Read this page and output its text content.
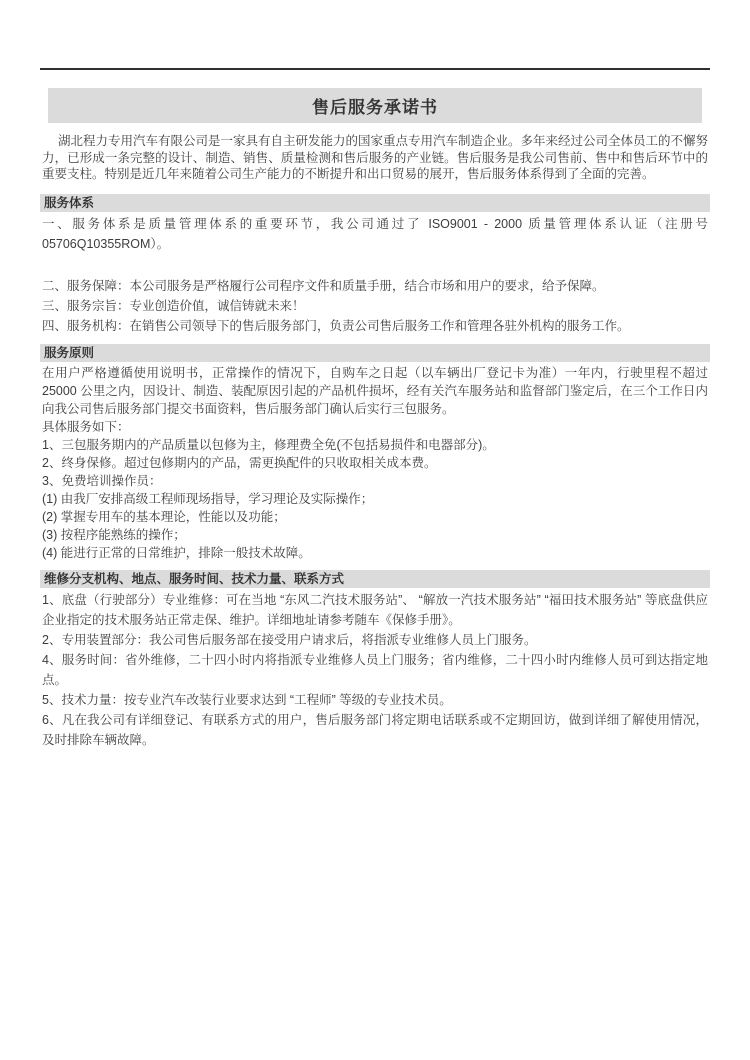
售后服务承诺书

湖北程力专用汽车有限公司是一家具有自主研发能力的国家重点专用汽车制造企业。多年来经过公司全体员工的不懈努力，已形成一条完整的设计、制造、销售、质量检测和售后服务的产业链。售后服务是我公司售前、售中和售后环节中的重要支柱。特别是近几年来随着公司生产能力的不断提升和出口贸易的展开，售后服务体系得到了全面的完善。

服务体系

一、服务体系是质量管理体系的重要环节，我公司通过了 ISO9001 - 2000 质量管理体系认证（注册号 05706Q10355ROM）。

二、服务保障：本公司服务是严格履行公司程序文件和质量手册，结合市场和用户的要求，给予保障。

三、服务宗旨：专业创造价值，诚信铸就未来！

四、服务机构：在销售公司领导下的售后服务部门，负责公司售后服务工作和管理各驻外机构的服务工作。

服务原则

在用户严格遵循使用说明书，正常操作的情况下，自购车之日起（以车辆出厂登记卡为准）一年内，行驶里程不超过 25000 公里之内，因设计、制造、装配原因引起的产品机件损坏，经有关汽车服务站和监督部门鉴定后，在三个工作日内向我公司售后服务部门提交书面资料，售后服务部门确认后实行三包服务。

具体服务如下：

1、三包服务期内的产品质量以包修为主，修理费全免(不包括易损件和电器部分)。

2、终身保修。超过包修期内的产品，需更换配件的只收取相关成本费。

3、免费培训操作员：

(1) 由我厂安排高级工程师现场指导，学习理论及实际操作；

(2) 掌握专用车的基本理论，性能以及功能；

(3) 按程序能熟练的操作；

(4) 能进行正常的日常维护，排除一般技术故障。

维修分支机构、地点、服务时间、技术力量、联系方式

1、底盘（行驶部分）专业维修：可在当地 “东风二汽技术服务站”、 “解放一汽技术服务站” “福田技术服务站” 等底盘供应企业指定的技术服务站正常走保、维护。详细地址请参考随车《保修手册》。

2、专用装置部分：我公司售后服务部在接受用户请求后，将指派专业维修人员上门服务。

4、服务时间：省外维修，二十四小时内将指派专业维修人员上门服务；省内维修，二十四小时内维修人员可到达指定地点。

5、技术力量：按专业汽车改装行业要求达到 “工程师” 等级的专业技术员。

6、凡在我公司有详细登记、有联系方式的用户，售后服务部门将定期电话联系或不定期回访，做到详细了解使用情况，及时排除车辆故障。
